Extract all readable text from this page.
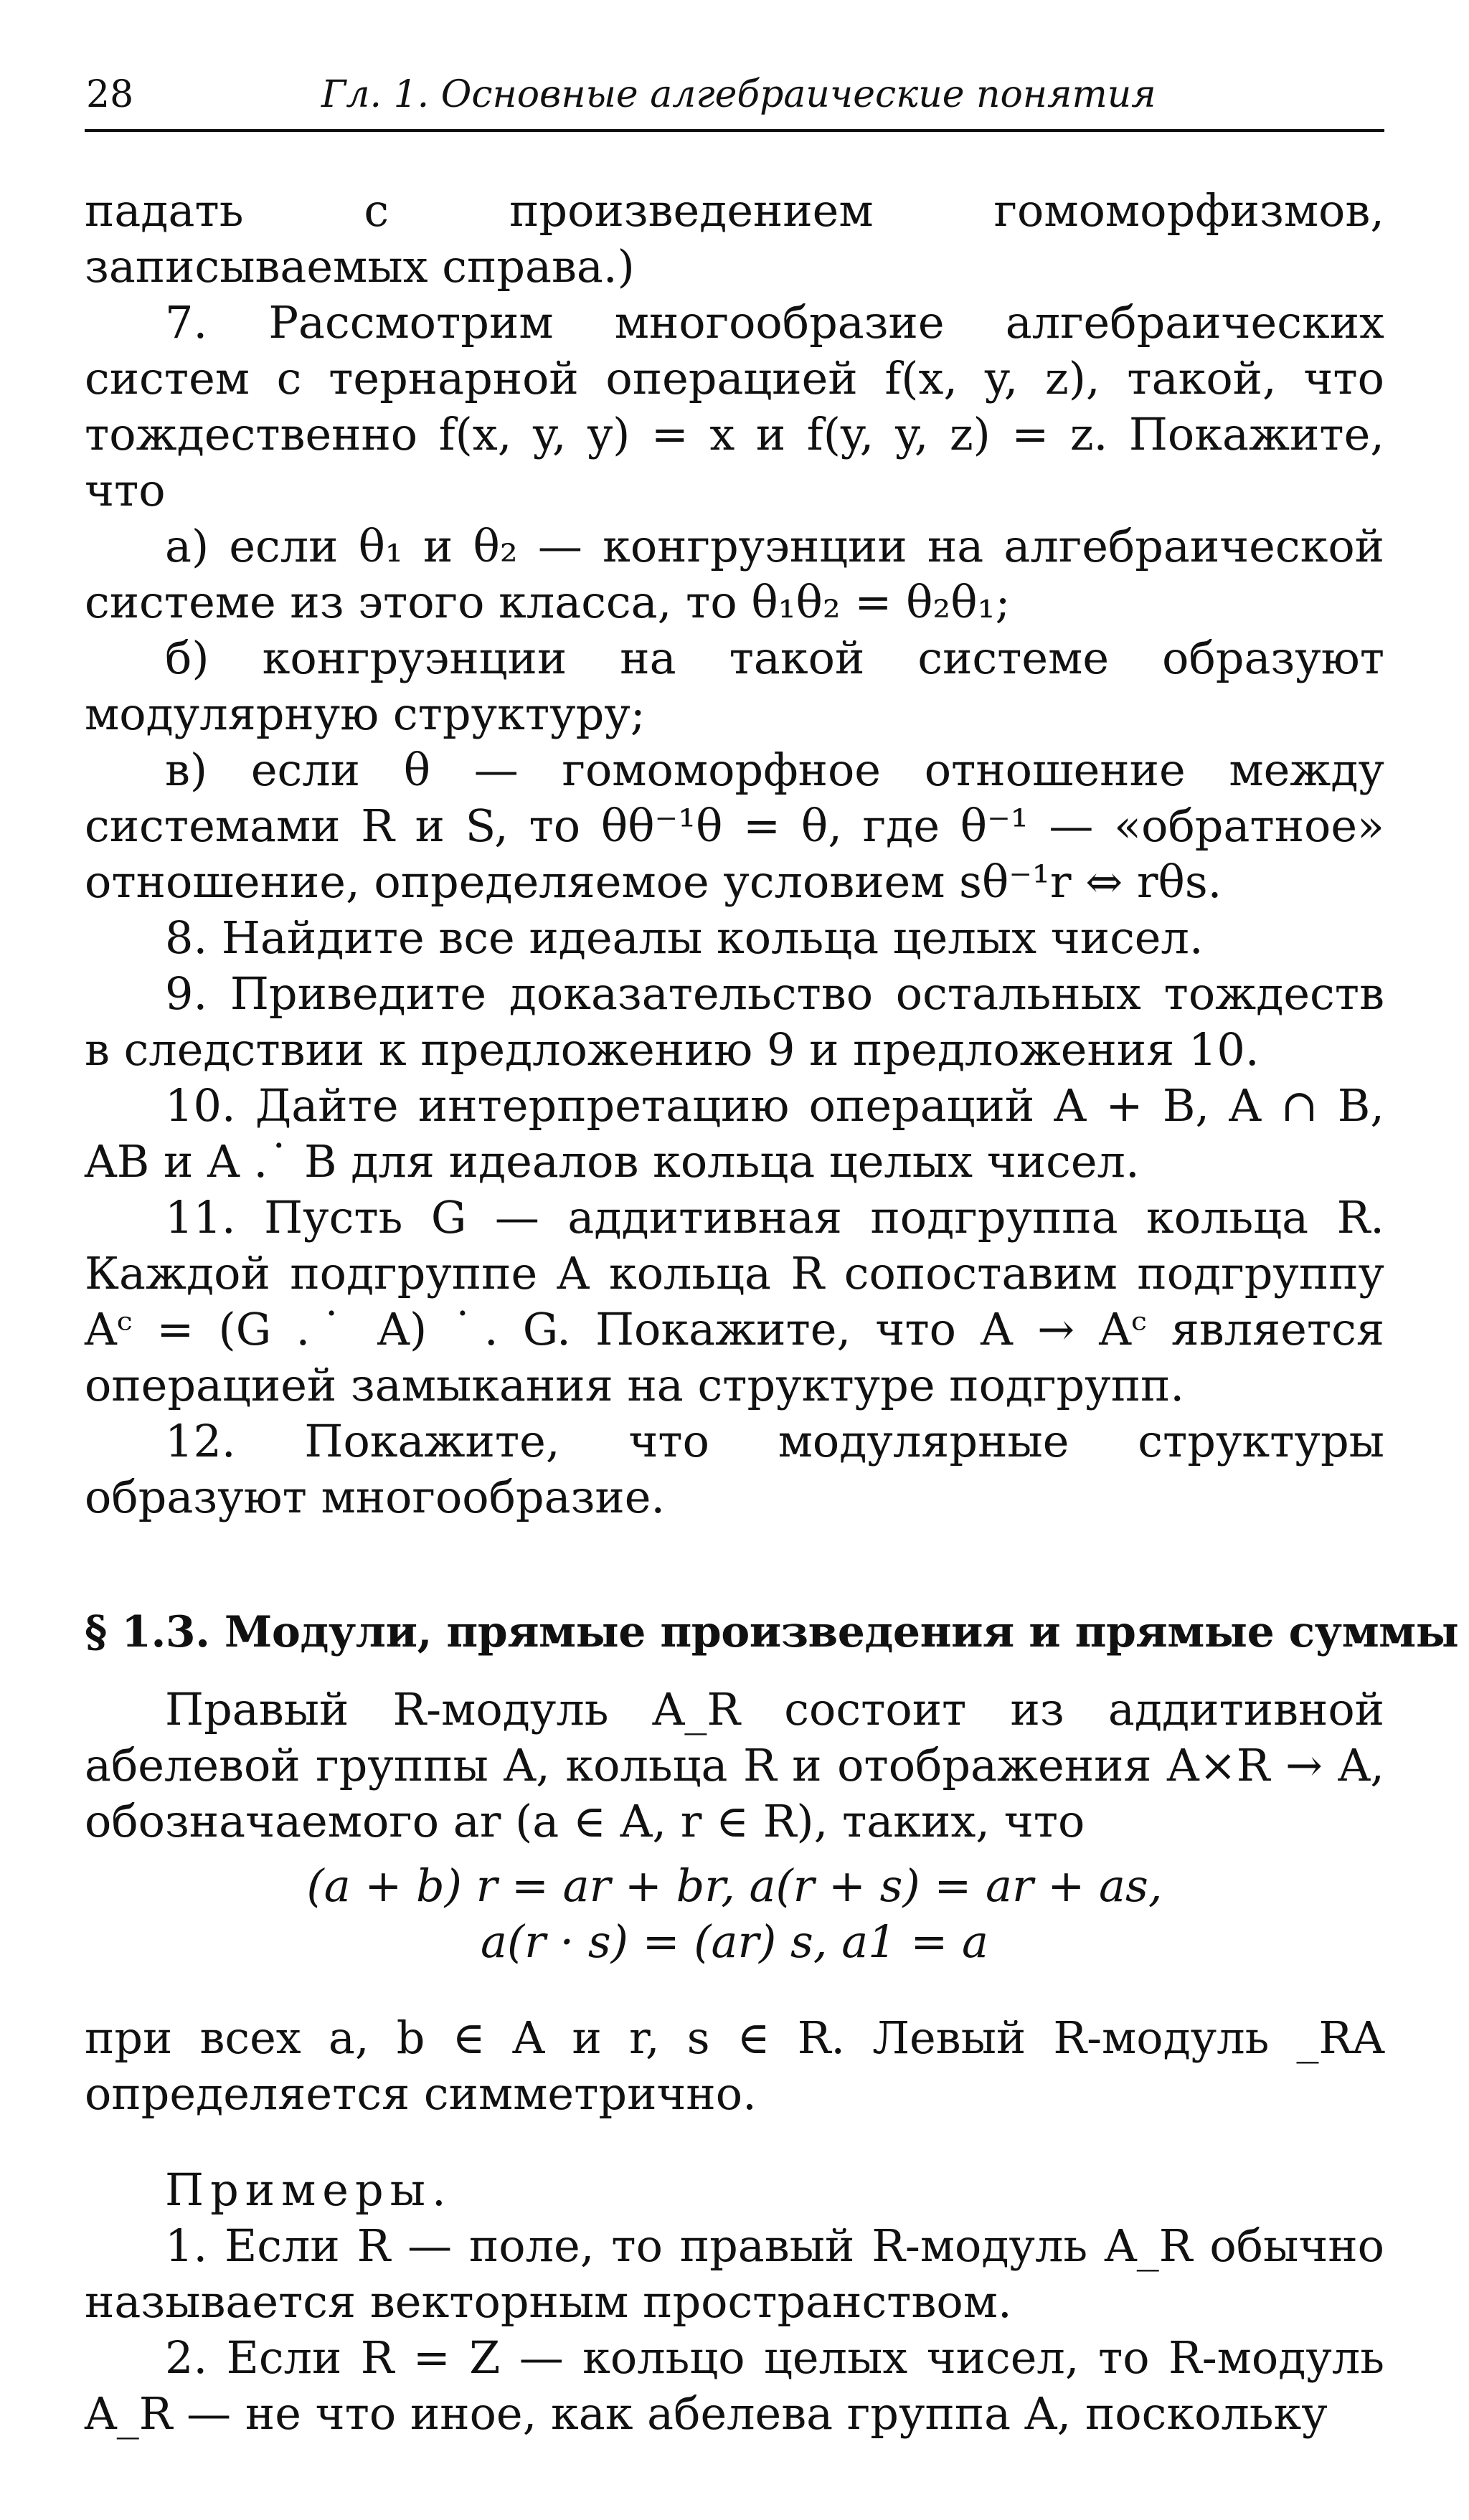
28	Гл. 1. Основные алгебраические понятия

падать с произведением гомоморфизмов, записываемых справа.)

7. Рассмотрим многообразие алгебраических систем с тернарной операцией f(x, y, z), такой, что тождественно f(x, y, y) = x и f(y, y, z) = z. Покажите, что

а) если θ₁ и θ₂ — конгруэнции на алгебраической системе из этого класса, то θ₁θ₂ = θ₂θ₁;

б) конгруэнции на такой системе образуют модулярную структуру;

в) если θ — гомоморфное отношение между системами R и S, то θθ⁻¹θ = θ, где θ⁻¹ — «обратное» отношение, определяемое условием sθ⁻¹r ⇔ rθs.

8. Найдите все идеалы кольца целых чисел.

9. Приведите доказательство остальных тождеств в следствии к предложению 9 и предложения 10.

10. Дайте интерпретацию операций A + B, A ∩ B, AB и A .˙ B для идеалов кольца целых чисел.

11. Пусть G — аддитивная подгруппа кольца R. Каждой подгруппе A кольца R сопоставим подгруппу Aᶜ = (G .˙ A) ˙. G. Покажите, что A → Aᶜ является операцией замыкания на структуре подгрупп.

12. Покажите, что модулярные структуры образуют многообразие.

§ 1.3. Модули, прямые произведения и прямые суммы

Правый R-модуль A_R состоит из аддитивной абелевой группы A, кольца R и отображения A×R → A, обозначаемого ar (a ∈ A, r ∈ R), таких, что

(a + b) r = ar + br, a(r + s) = ar + as,

a(r · s) = (ar) s, a1 = a

при всех a, b ∈ A и r, s ∈ R. Левый R-модуль _RA определяется симметрично.

Примеры.

1. Если R — поле, то правый R-модуль A_R обычно называется векторным пространством.

2. Если R = Z — кольцо целых чисел, то R-модуль A_R — не что иное, как абелева группа A, поскольку
